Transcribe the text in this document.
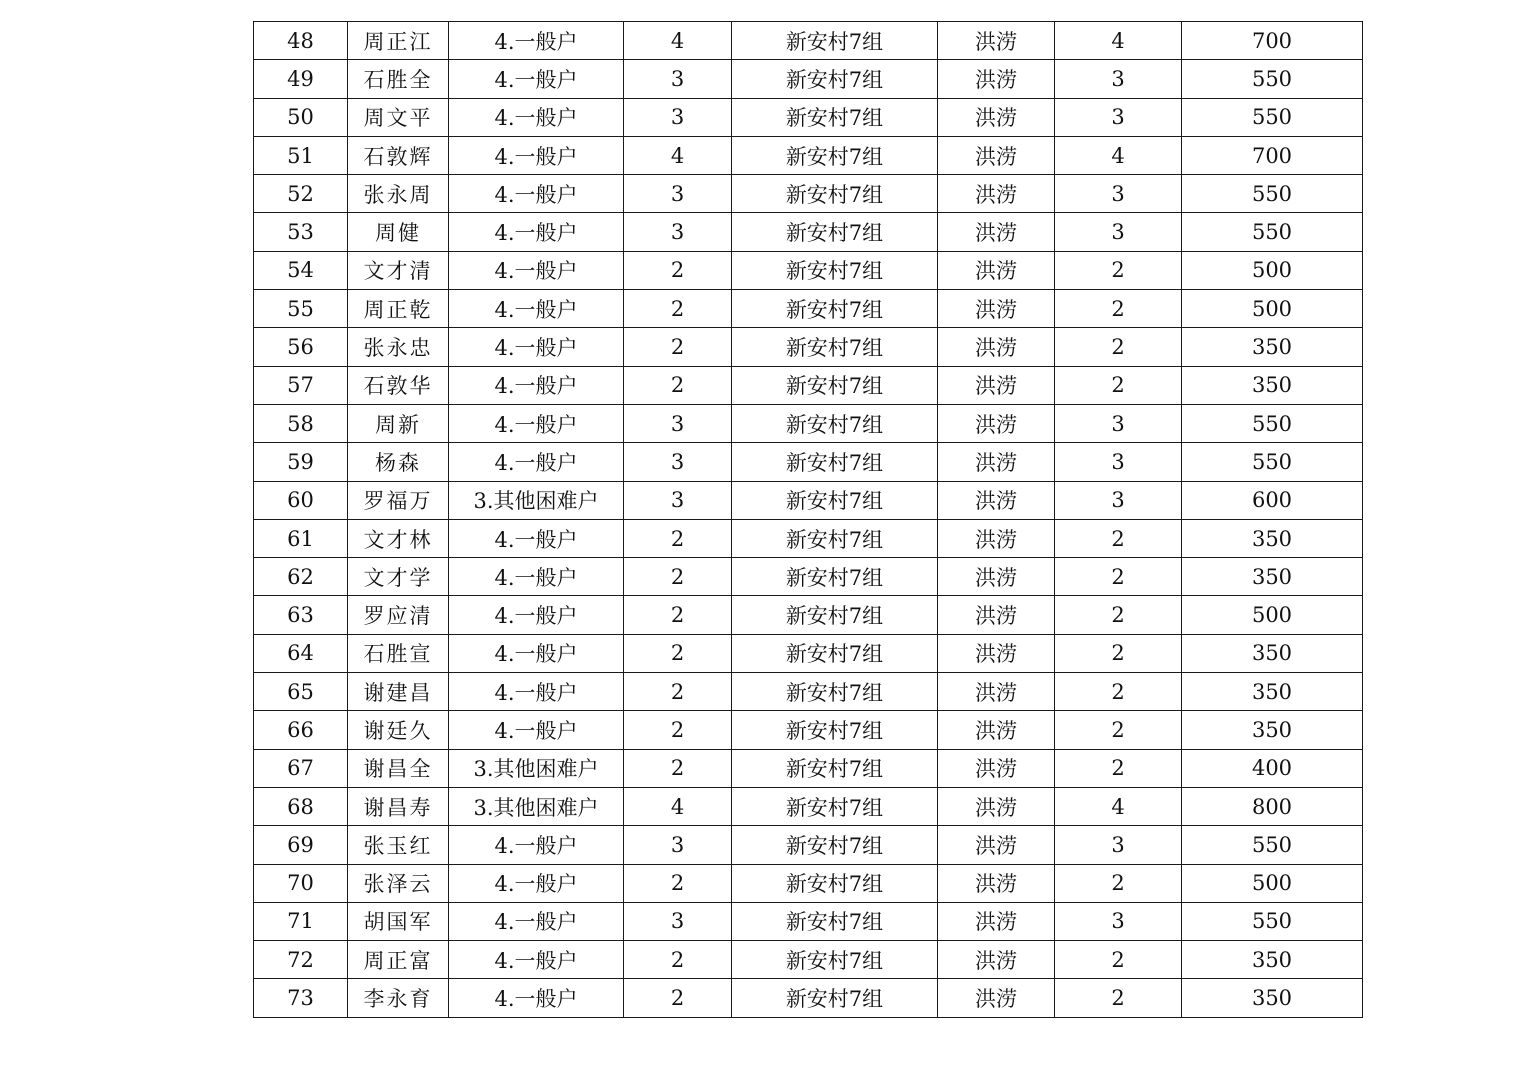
48	周正江	4.一般户	4	新安村7组	洪涝	4	700
49	石胜全	4.一般户	3	新安村7组	洪涝	3	550
50	周文平	4.一般户	3	新安村7组	洪涝	3	550
51	石敦辉	4.一般户	4	新安村7组	洪涝	4	700
52	张永周	4.一般户	3	新安村7组	洪涝	3	550
53	周健	4.一般户	3	新安村7组	洪涝	3	550
54	文才清	4.一般户	2	新安村7组	洪涝	2	500
55	周正乾	4.一般户	2	新安村7组	洪涝	2	500
56	张永忠	4.一般户	2	新安村7组	洪涝	2	350
57	石敦华	4.一般户	2	新安村7组	洪涝	2	350
58	周新	4.一般户	3	新安村7组	洪涝	3	550
59	杨森	4.一般户	3	新安村7组	洪涝	3	550
60	罗福万	3.其他困难户	3	新安村7组	洪涝	3	600
61	文才林	4.一般户	2	新安村7组	洪涝	2	350
62	文才学	4.一般户	2	新安村7组	洪涝	2	350
63	罗应清	4.一般户	2	新安村7组	洪涝	2	500
64	石胜宣	4.一般户	2	新安村7组	洪涝	2	350
65	谢建昌	4.一般户	2	新安村7组	洪涝	2	350
66	谢廷久	4.一般户	2	新安村7组	洪涝	2	350
67	谢昌全	3.其他困难户	2	新安村7组	洪涝	2	400
68	谢昌寿	3.其他困难户	4	新安村7组	洪涝	4	800
69	张玉红	4.一般户	3	新安村7组	洪涝	3	550
70	张泽云	4.一般户	2	新安村7组	洪涝	2	500
71	胡国军	4.一般户	3	新安村7组	洪涝	3	550
72	周正富	4.一般户	2	新安村7组	洪涝	2	350
73	李永育	4.一般户	2	新安村7组	洪涝	2	350
